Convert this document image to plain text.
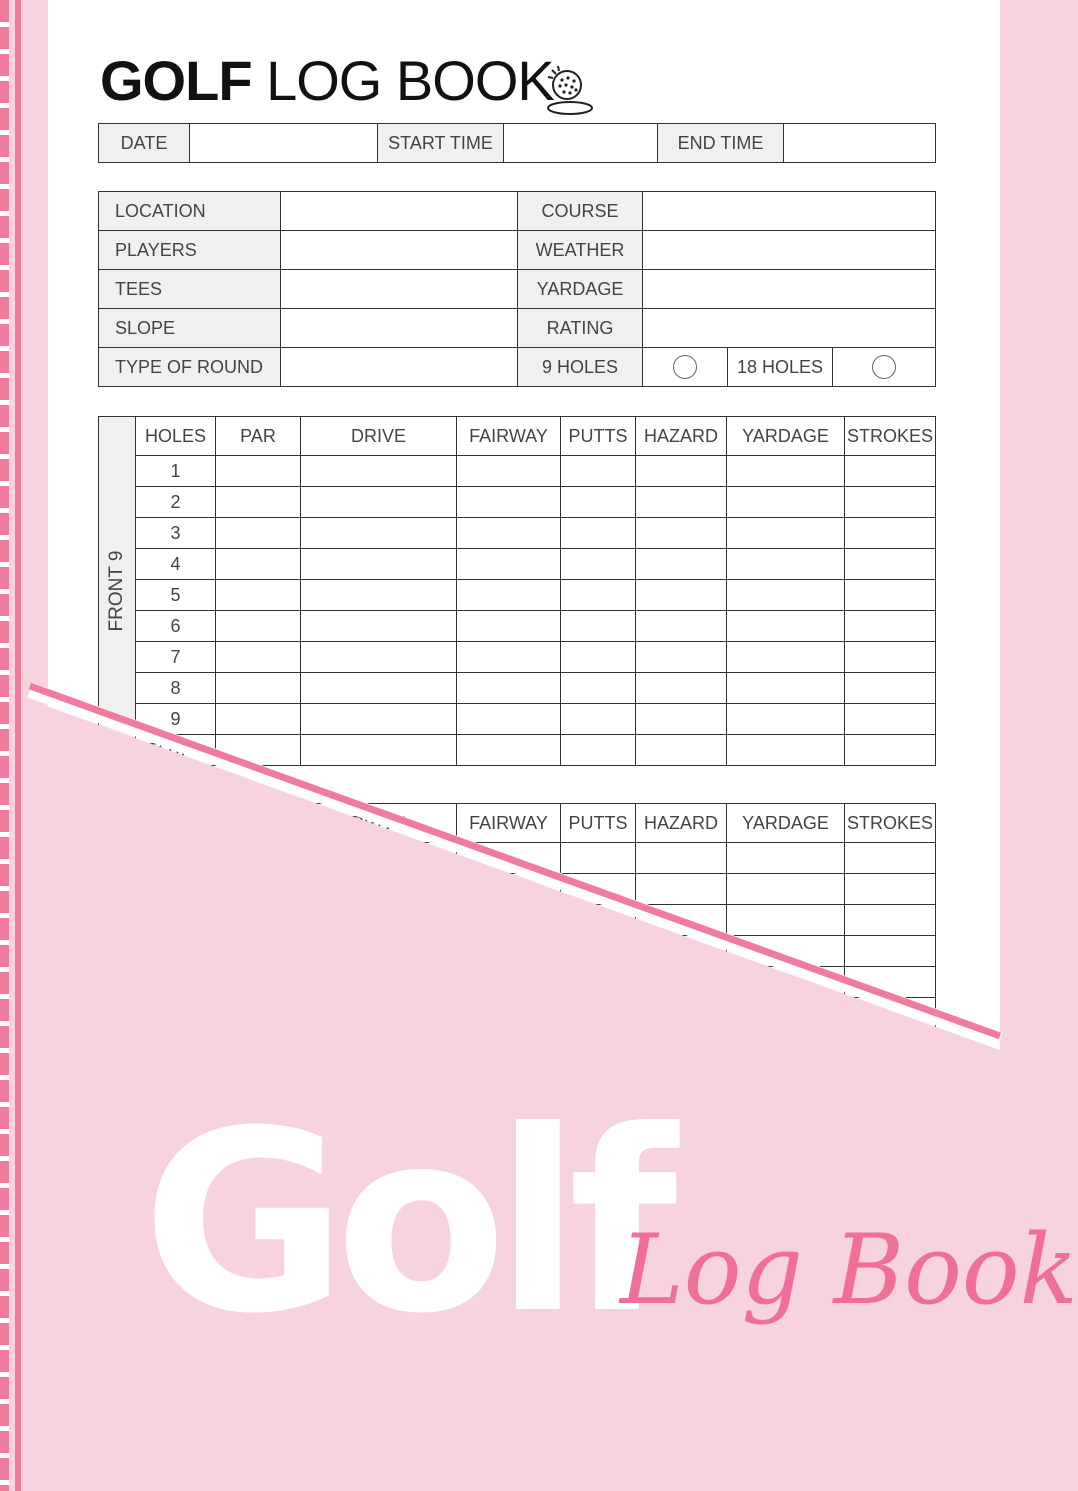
GOLF LOG BOOK
DATE		START TIME		END TIME	
LOCATION		COURSE			
PLAYERS		WEATHER			
TEES		YARDAGE			
SLOPE		RATING			
TYPE OF ROUND		9 HOLES		18 HOLES	
FRONT 9	HOLES	PAR	DRIVE	FAIRWAY	PUTTS	HAZARD	YARDAGE	STROKES
	1							
	2							
	3							
	4							
	5							
	6							
	7							
	8							
	9							

	FAIRWAY	PUTTS	HAZARD	YARDAGE	STROKES

Golf
Log Book
